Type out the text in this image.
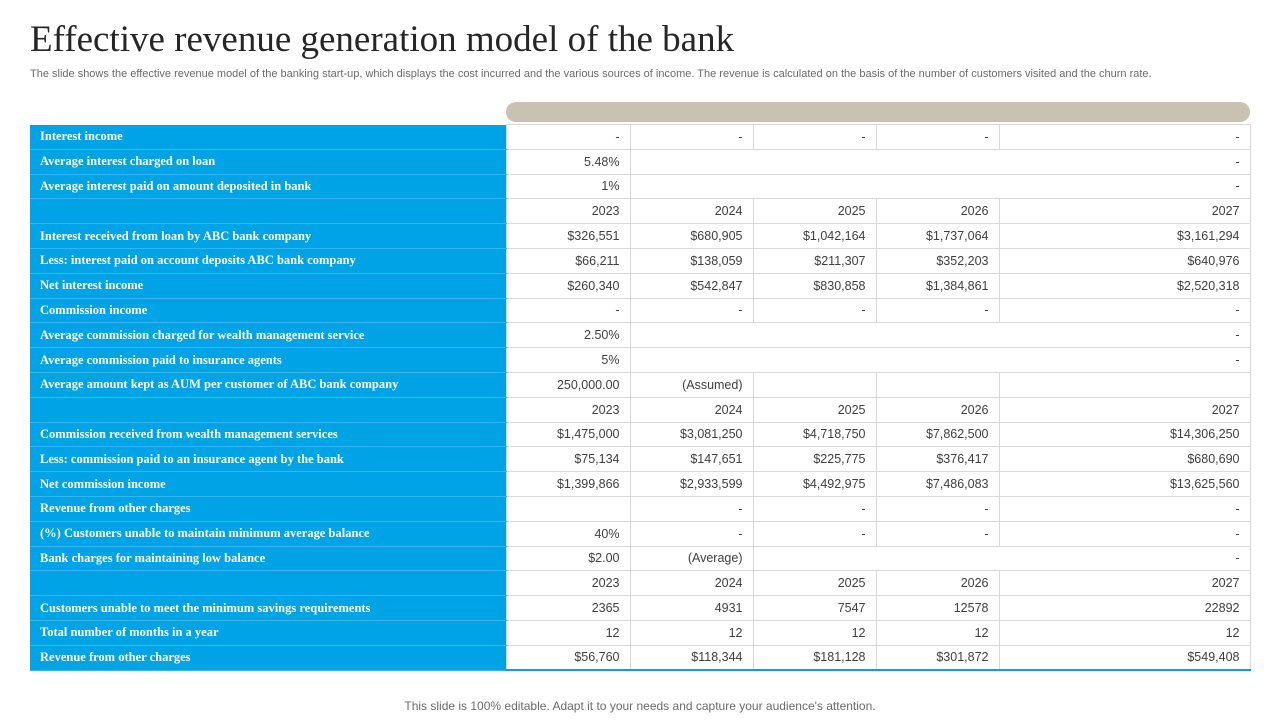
Effective revenue generation model of the bank

The slide shows the effective revenue model of the banking start-up, which displays the cost incurred and the various sources of income. The revenue is calculated on the basis of the number of customers visited and the churn rate.

Interest income	-	-	-	-	-
Average interest charged on loan	5.48%	-			
Average interest paid on amount deposited in bank	1%	-			
	2023	2024	2025	2026	2027
Interest received from loan by ABC bank company	$326,551	$680,905	$1,042,164	$1,737,064	$3,161,294
Less: interest paid on account deposits ABC bank company	$66,211	$138,059	$211,307	$352,203	$640,976
Net interest income	$260,340	$542,847	$830,858	$1,384,861	$2,520,318
Commission income	-	-	-	-	-
Average commission charged for wealth management service	2.50%	-			
Average commission paid to insurance agents	5%	-			
Average amount kept as AUM per customer of ABC bank company	250,000.00	(Assumed)			
	2023	2024	2025	2026	2027
Commission received from wealth management services	$1,475,000	$3,081,250	$4,718,750	$7,862,500	$14,306,250
Less: commission paid to an insurance agent by the bank	$75,134	$147,651	$225,775	$376,417	$680,690
Net commission income	$1,399,866	$2,933,599	$4,492,975	$7,486,083	$13,625,560
Revenue from other charges		-	-	-	-
(%) Customers unable to maintain minimum average balance	40%	-	-	-	-
Bank charges for maintaining low balance	$2.00	(Average)	-		
	2023	2024	2025	2026	2027
Customers unable to meet the minimum savings requirements	2365	4931	7547	12578	22892
Total number of months in a year	12	12	12	12	12
Revenue from other charges	$56,760	$118,344	$181,128	$301,872	$549,408

This slide is 100% editable. Adapt it to your needs and capture your audience's attention.
